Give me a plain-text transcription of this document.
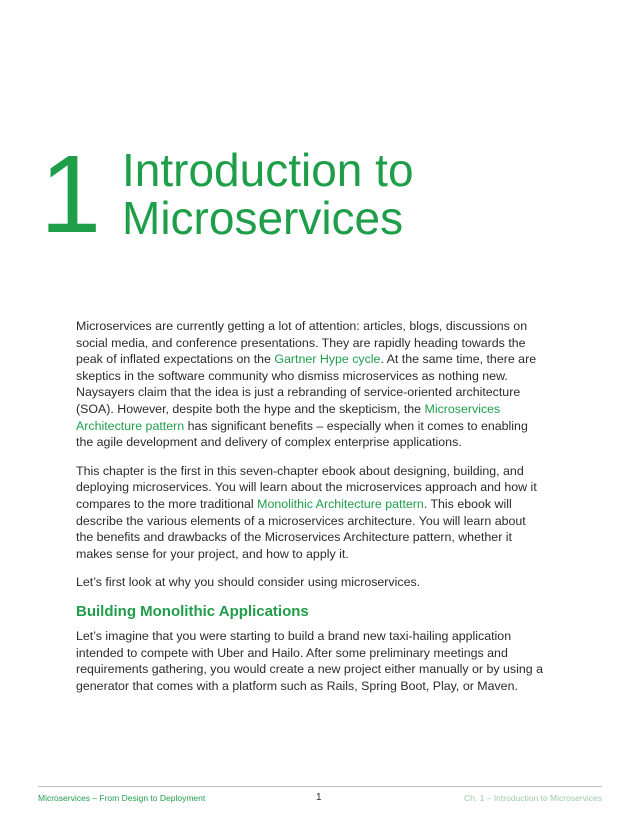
1 Introduction to
Microservices

Microservices are currently getting a lot of attention: articles, blogs, discussions on social media, and conference presentations. They are rapidly heading towards the peak of inflated expectations on the Gartner Hype cycle. At the same time, there are skeptics in the software community who dismiss microservices as nothing new. Naysayers claim that the idea is just a rebranding of service-oriented architecture (SOA). However, despite both the hype and the skepticism, the Microservices Architecture pattern has significant benefits – especially when it comes to enabling the agile development and delivery of complex enterprise applications.

This chapter is the first in this seven-chapter ebook about designing, building, and deploying microservices. You will learn about the microservices approach and how it compares to the more traditional Monolithic Architecture pattern. This ebook will describe the various elements of a microservices architecture. You will learn about the benefits and drawbacks of the Microservices Architecture pattern, whether it makes sense for your project, and how to apply it.

Let’s first look at why you should consider using microservices.

Building Monolithic Applications

Let’s imagine that you were starting to build a brand new taxi-hailing application intended to compete with Uber and Hailo. After some preliminary meetings and requirements gathering, you would create a new project either manually or by using a generator that comes with a platform such as Rails, Spring Boot, Play, or Maven.

Microservices – From Design to Deployment	1	Ch. 1 – Introduction to Microservices
